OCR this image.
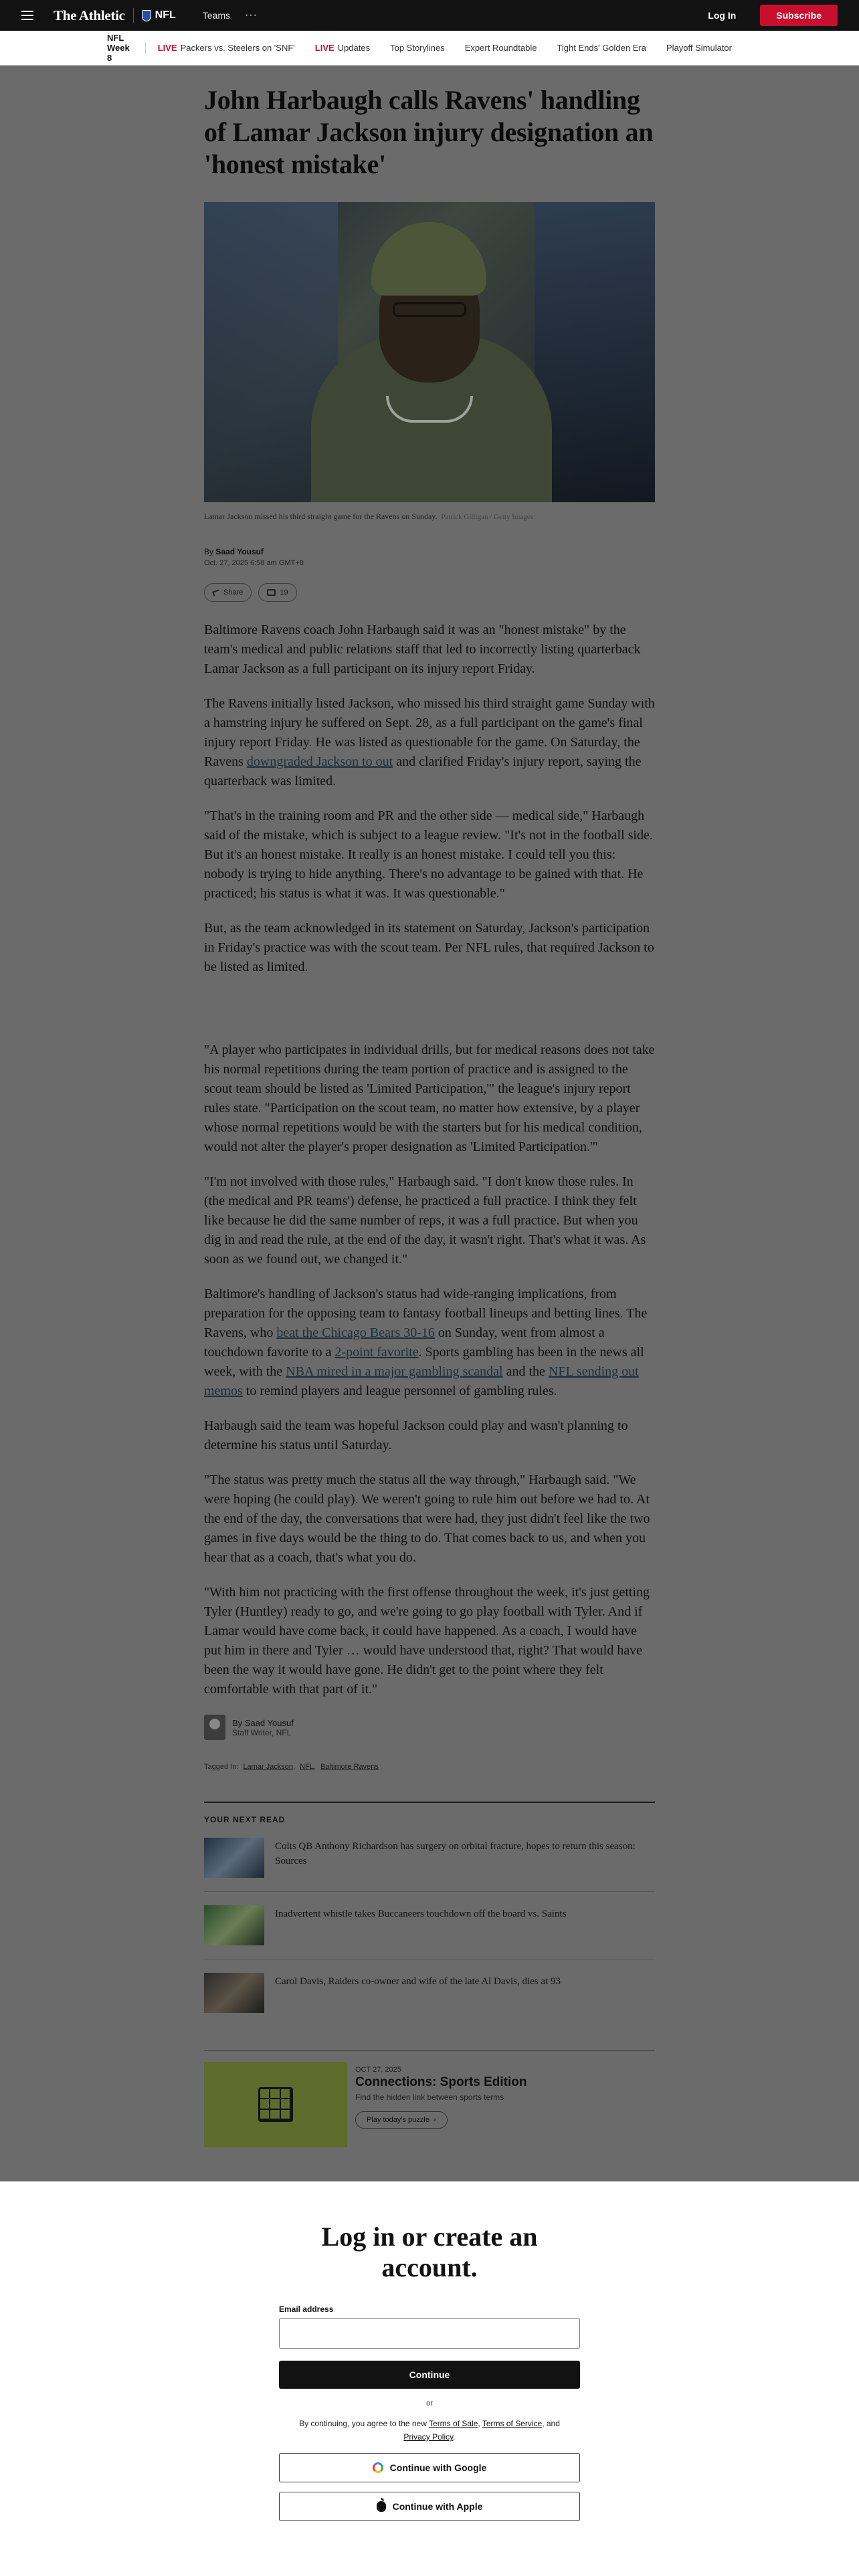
The Athletic	NFL	Teams ···	Log In	Subscribe
NFL Week 8
LIVE Packers vs. Steelers on 'SNF' LIVE Updates Top Storylines Expert Roundtable Tight Ends' Golden Era Playoff Simulator
John Harbaugh calls Ravens' handling of Lamar Jackson injury designation an 'honest mistake'
Lamar Jackson missed his third straight game for the Ravens on Sunday. Patrick Gilligan / Getty Images
By Saad Yousuf
Oct. 27, 2025 6:58 am GMT+8
Share	19

Baltimore Ravens coach John Harbaugh said it was an "honest mistake" by the team's medical and public relations staff that led to incorrectly listing quarterback Lamar Jackson as a full participant on its injury report Friday.

The Ravens initially listed Jackson, who missed his third straight game Sunday with a hamstring injury he suffered on Sept. 28, as a full participant on the game's final injury report Friday. He was listed as questionable for the game. On Saturday, the Ravens downgraded Jackson to out and clarified Friday's injury report, saying the quarterback was limited.

"That's in the training room and PR and the other side — medical side," Harbaugh said of the mistake, which is subject to a league review. "It's not in the football side. But it's an honest mistake. It really is an honest mistake. I could tell you this: nobody is trying to hide anything. There's no advantage to be gained with that. He practiced; his status is what it was. It was questionable."

But, as the team acknowledged in its statement on Saturday, Jackson's participation in Friday's practice was with the scout team. Per NFL rules, that required Jackson to be listed as limited.

"A player who participates in individual drills, but for medical reasons does not take his normal repetitions during the team portion of practice and is assigned to the scout team should be listed as 'Limited Participation,'" the league's injury report rules state. "Participation on the scout team, no matter how extensive, by a player whose normal repetitions would be with the starters but for his medical condition, would not alter the player's proper designation as 'Limited Participation.'"

"I'm not involved with those rules," Harbaugh said. "I don't know those rules. In (the medical and PR teams') defense, he practiced a full practice. I think they felt like because he did the same number of reps, it was a full practice. But when you dig in and read the rule, at the end of the day, it wasn't right. That's what it was. As soon as we found out, we changed it."

Baltimore's handling of Jackson's status had wide-ranging implications, from preparation for the opposing team to fantasy football lineups and betting lines. The Ravens, who beat the Chicago Bears 30-16 on Sunday, went from almost a touchdown favorite to a 2-point favorite. Sports gambling has been in the news all week, with the NBA mired in a major gambling scandal and the NFL sending out memos to remind players and league personnel of gambling rules.

Harbaugh said the team was hopeful Jackson could play and wasn't planning to determine his status until Saturday.

"The status was pretty much the status all the way through," Harbaugh said. "We were hoping (he could play). We weren't going to rule him out before we had to. At the end of the day, the conversations that were had, they just didn't feel like the two games in five days would be the thing to do. That comes back to us, and when you hear that as a coach, that's what you do.

"With him not practicing with the first offense throughout the week, it's just getting Tyler (Huntley) ready to go, and we're going to go play football with Tyler. And if Lamar would have come back, it could have happened. As a coach, I would have put him in there and Tyler … would have understood that, right? That would have been the way it would have gone. He didn't get to the point where they felt comfortable with that part of it."

By Saad Yousuf
Staff Writer, NFL
Tagged In: Lamar Jackson, NFL, Baltimore Ravens
YOUR NEXT READ
Colts QB Anthony Richardson has surgery on orbital fracture, hopes to return this season: Sources
Inadvertent whistle takes Buccaneers touchdown off the board vs. Saints
Carol Davis, Raiders co-owner and wife of the late Al Davis, dies at 93
OCT 27, 2025
Connections: Sports Edition
Find the hidden link between sports terms
Play today's puzzle ›
Log in or create an account.
Email address
Continue
or
By continuing, you agree to the new Terms of Sale, Terms of Service, and
Privacy Policy.
Continue with Google
Continue with Apple
